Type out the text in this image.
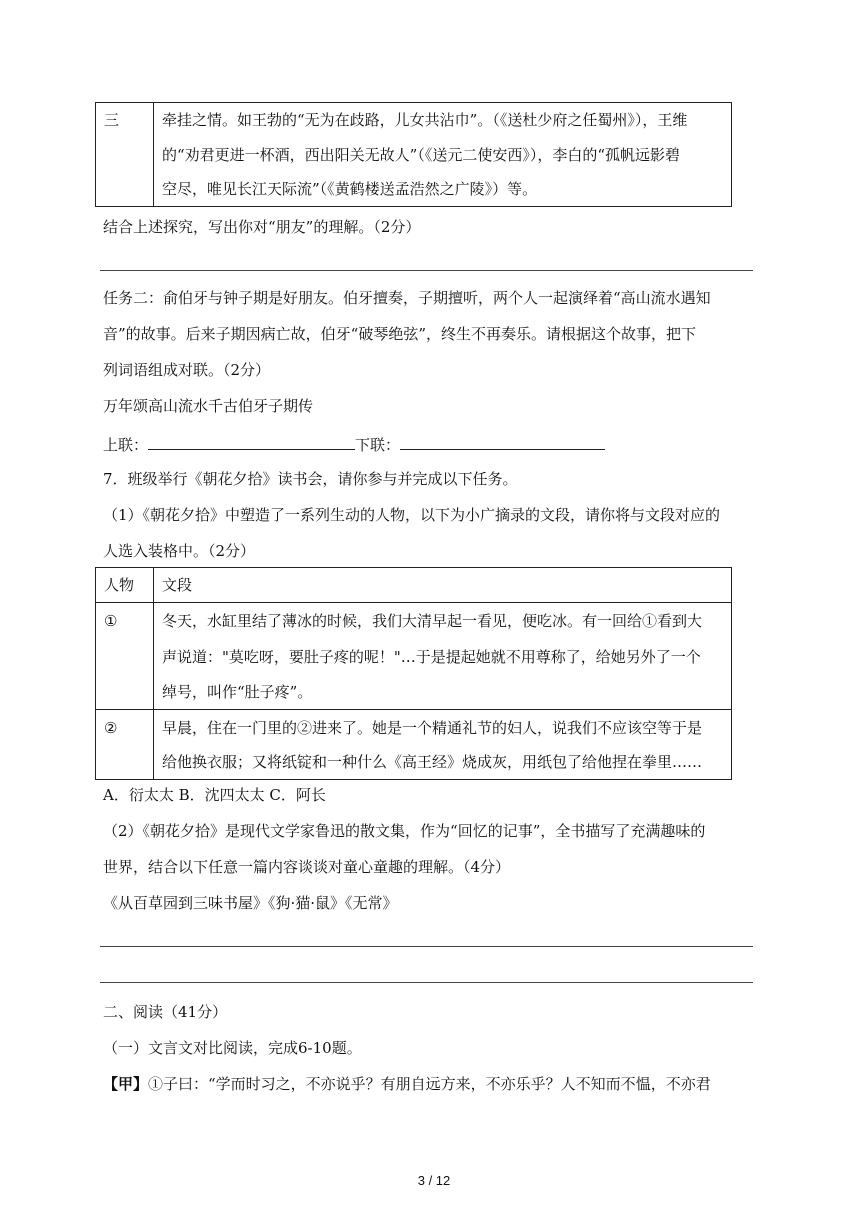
三	牵挂之情。如王勃的“无为在歧路，儿女共沾巾”。（《送杜少府之任蜀州》），王维
的“劝君更进一杯酒，西出阳关无故人”（《送元二使安西》），李白的“孤帆远影碧
空尽，唯见长江天际流”（《黄鹤楼送孟浩然之广陵》）等。
结合上述探究，写出你对“朋友”的理解。（2分）
任务二：俞伯牙与钟子期是好朋友。伯牙擅奏，子期擅听，两个人一起演绎着“高山流水遇知
音”的故事。后来子期因病亡故，伯牙“破琴绝弦”，终生不再奏乐。请根据这个故事，把下
列词语组成对联。（2分）
万年颂高山流水千古伯牙子期传
上联：	下联：
7．班级举行《朝花夕拾》读书会，请你参与并完成以下任务。
（1）《朝花夕拾》中塑造了一系列生动的人物，以下为小广摘录的文段，请你将与文段对应的
人选入装格中。（2分）
人物	文段

①	冬天，水缸里结了薄冰的时候，我们大清早起一看见，便吃冰。有一回给①看到大
声说道："莫吃呀，要肚子疼的呢！"…于是提起她就不用尊称了，给她另外了一个
绰号，叫作“肚子疼”。

②	早晨，住在一门里的②进来了。她是一个精通礼节的妇人，说我们不应该空等于是
给他换衣服；又将纸锭和一种什么《高王经》烧成灰，用纸包了给他捏在拳里……
A．衍太太 B．沈四太太 C．阿长
（2）《朝花夕拾》是现代文学家鲁迅的散文集，作为“回忆的记事”，全书描写了充满趣味的
世界，结合以下任意一篇内容谈谈对童心童趣的理解。（4分）
《从百草园到三味书屋》《狗·猫·鼠》《无常》
二、阅读（41分）
（一）文言文对比阅读，完成6-10题。
【甲】①子曰：“学而时习之，不亦说乎？有朋自远方来，不亦乐乎？人不知而不愠，不亦君
3 / 12
